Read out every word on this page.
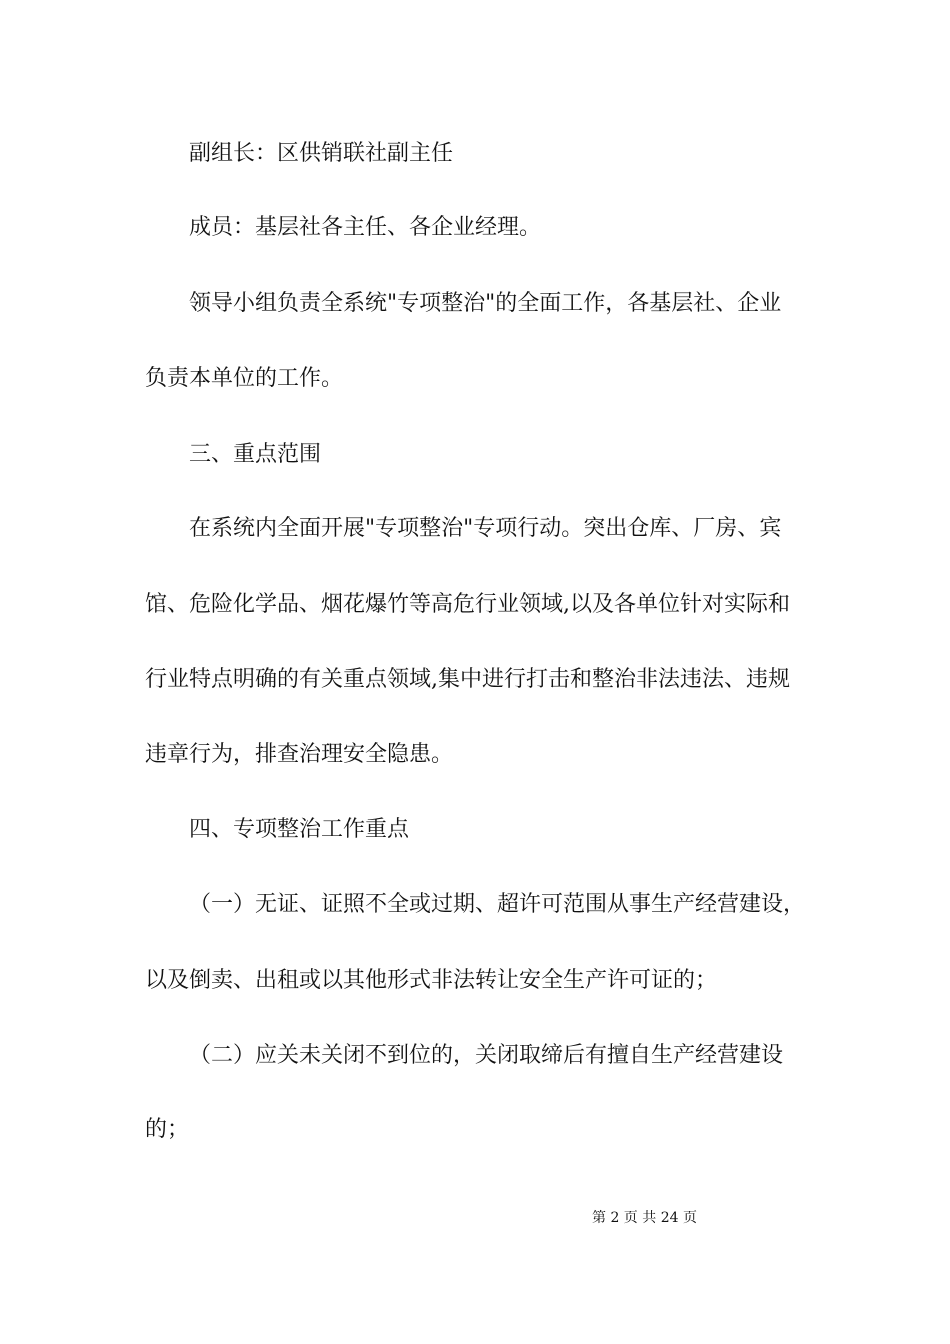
副组长：区供销联社副主任
成员：基层社各主任、各企业经理。
领导小组负责全系统"专项整治"的全面工作，各基层社、企业
负责本单位的工作。
三、重点范围
在系统内全面开展"专项整治"专项行动。突出仓库、厂房、宾
馆、危险化学品、烟花爆竹等高危行业领域,以及各单位针对实际和
行业特点明确的有关重点领域,集中进行打击和整治非法违法、违规
违章行为，排查治理安全隐患。
四、专项整治工作重点
（一）无证、证照不全或过期、超许可范围从事生产经营建设，
以及倒卖、出租或以其他形式非法转让安全生产许可证的；
（二）应关未关闭不到位的，关闭取缔后有擅自生产经营建设
的；
第 2 页 共 24 页
